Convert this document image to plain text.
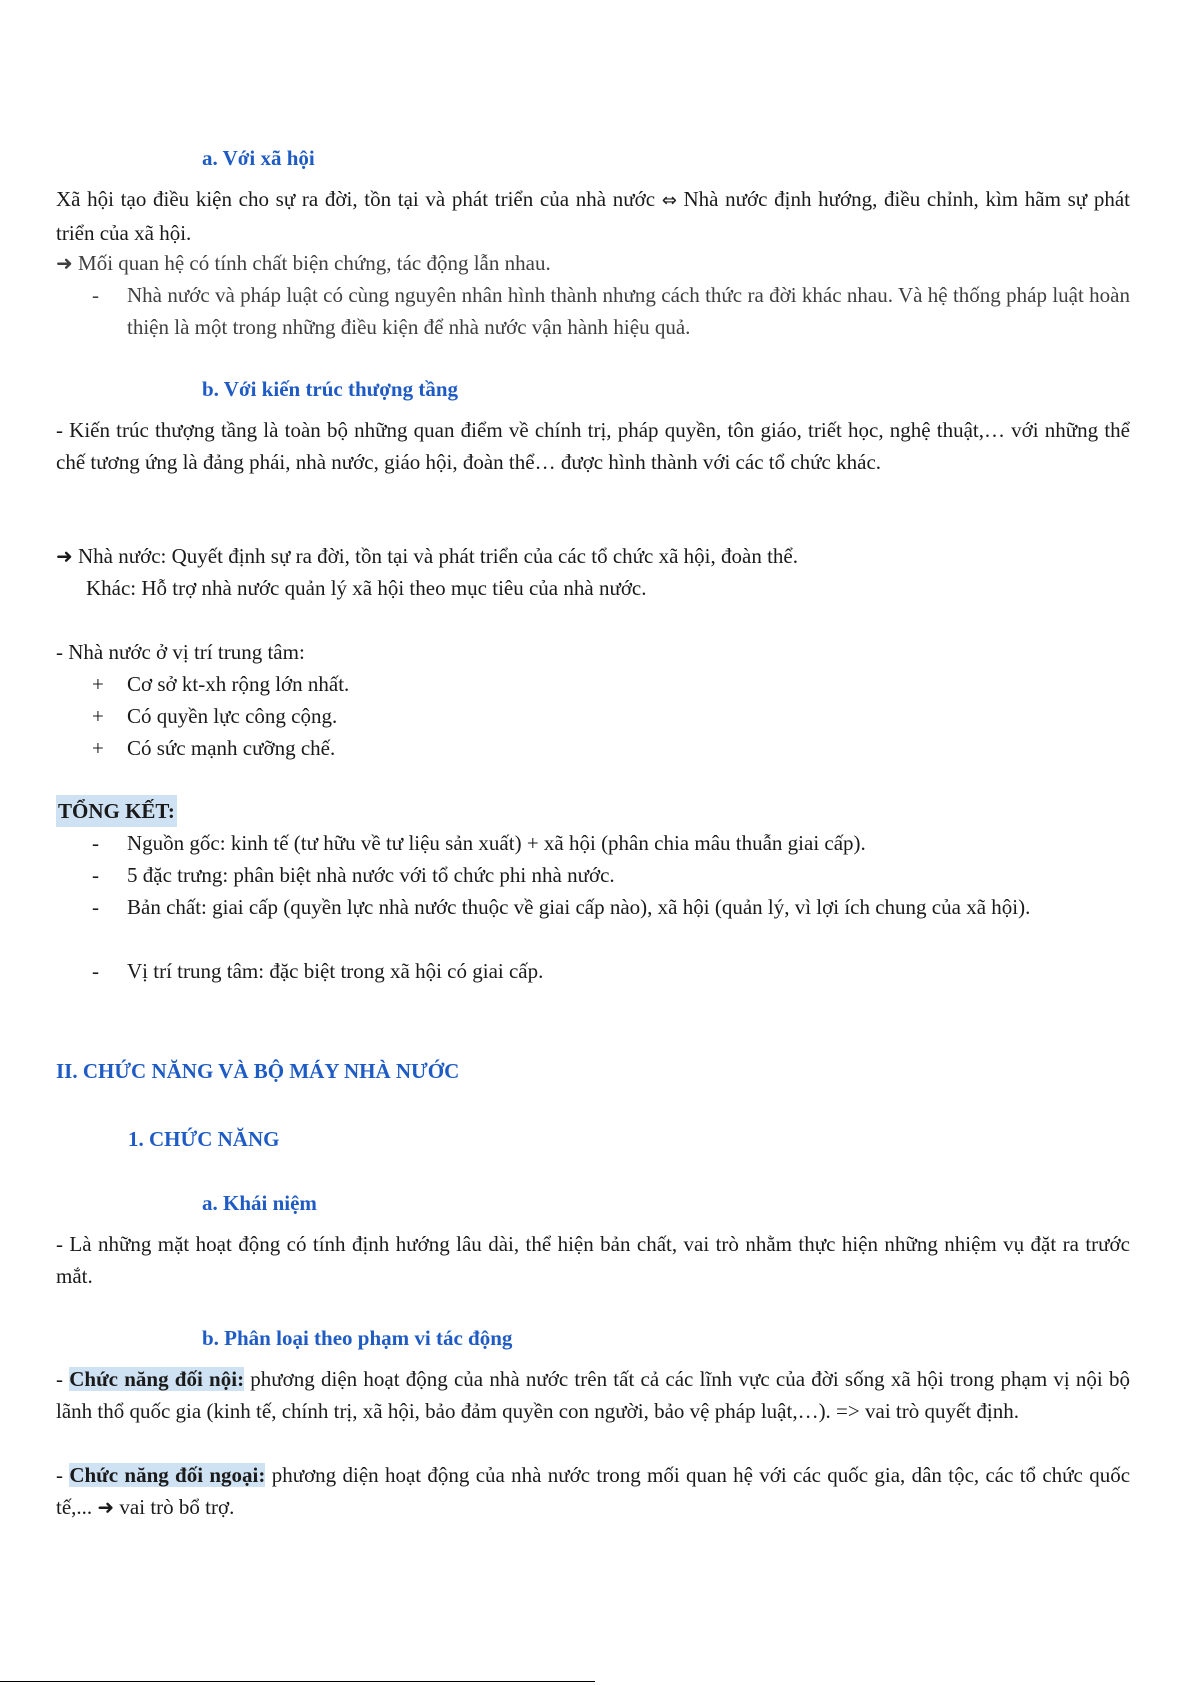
a. Với xã hội
Xã hội tạo điều kiện cho sự ra đời, tồn tại và phát triển của nhà nước ⇔ Nhà nước định hướng, điều chỉnh, kìm hãm sự phát triển của xã hội.
➜ Mối quan hệ có tính chất biện chứng, tác động lẫn nhau.
- Nhà nước và pháp luật có cùng nguyên nhân hình thành nhưng cách thức ra đời khác nhau. Và hệ thống pháp luật hoàn thiện là một trong những điều kiện để nhà nước vận hành hiệu quả.
b. Với kiến trúc thượng tầng
- Kiến trúc thượng tầng là toàn bộ những quan điểm về chính trị, pháp quyền, tôn giáo, triết học, nghệ thuật,… với những thể chế tương ứng là đảng phái, nhà nước, giáo hội, đoàn thể… được hình thành với các tổ chức khác.
➜ Nhà nước: Quyết định sự ra đời, tồn tại và phát triển của các tổ chức xã hội, đoàn thể.
Khác: Hỗ trợ nhà nước quản lý xã hội theo mục tiêu của nhà nước.
- Nhà nước ở vị trí trung tâm:
+ Cơ sở kt-xh rộng lớn nhất.
+ Có quyền lực công cộng.
+ Có sức mạnh cưỡng chế.
TỔNG KẾT:
- Nguồn gốc: kinh tế (tư hữu về tư liệu sản xuất) + xã hội (phân chia mâu thuẫn giai cấp).
- 5 đặc trưng: phân biệt nhà nước với tổ chức phi nhà nước.
- Bản chất: giai cấp (quyền lực nhà nước thuộc về giai cấp nào), xã hội (quản lý, vì lợi ích chung của xã hội).
- Vị trí trung tâm: đặc biệt trong xã hội có giai cấp.
II. CHỨC NĂNG VÀ BỘ MÁY NHÀ NƯỚC
1. CHỨC NĂNG
a. Khái niệm
- Là những mặt hoạt động có tính định hướng lâu dài, thể hiện bản chất, vai trò nhằm thực hiện những nhiệm vụ đặt ra trước mắt.
b. Phân loại theo phạm vi tác động
- Chức năng đối nội: phương diện hoạt động của nhà nước trên tất cả các lĩnh vực của đời sống xã hội trong phạm vị nội bộ lãnh thổ quốc gia (kinh tế, chính trị, xã hội, bảo đảm quyền con người, bảo vệ pháp luật,…). => vai trò quyết định.
- Chức năng đối ngoại: phương diện hoạt động của nhà nước trong mối quan hệ với các quốc gia, dân tộc, các tổ chức quốc tế,... ➜ vai trò bổ trợ.
